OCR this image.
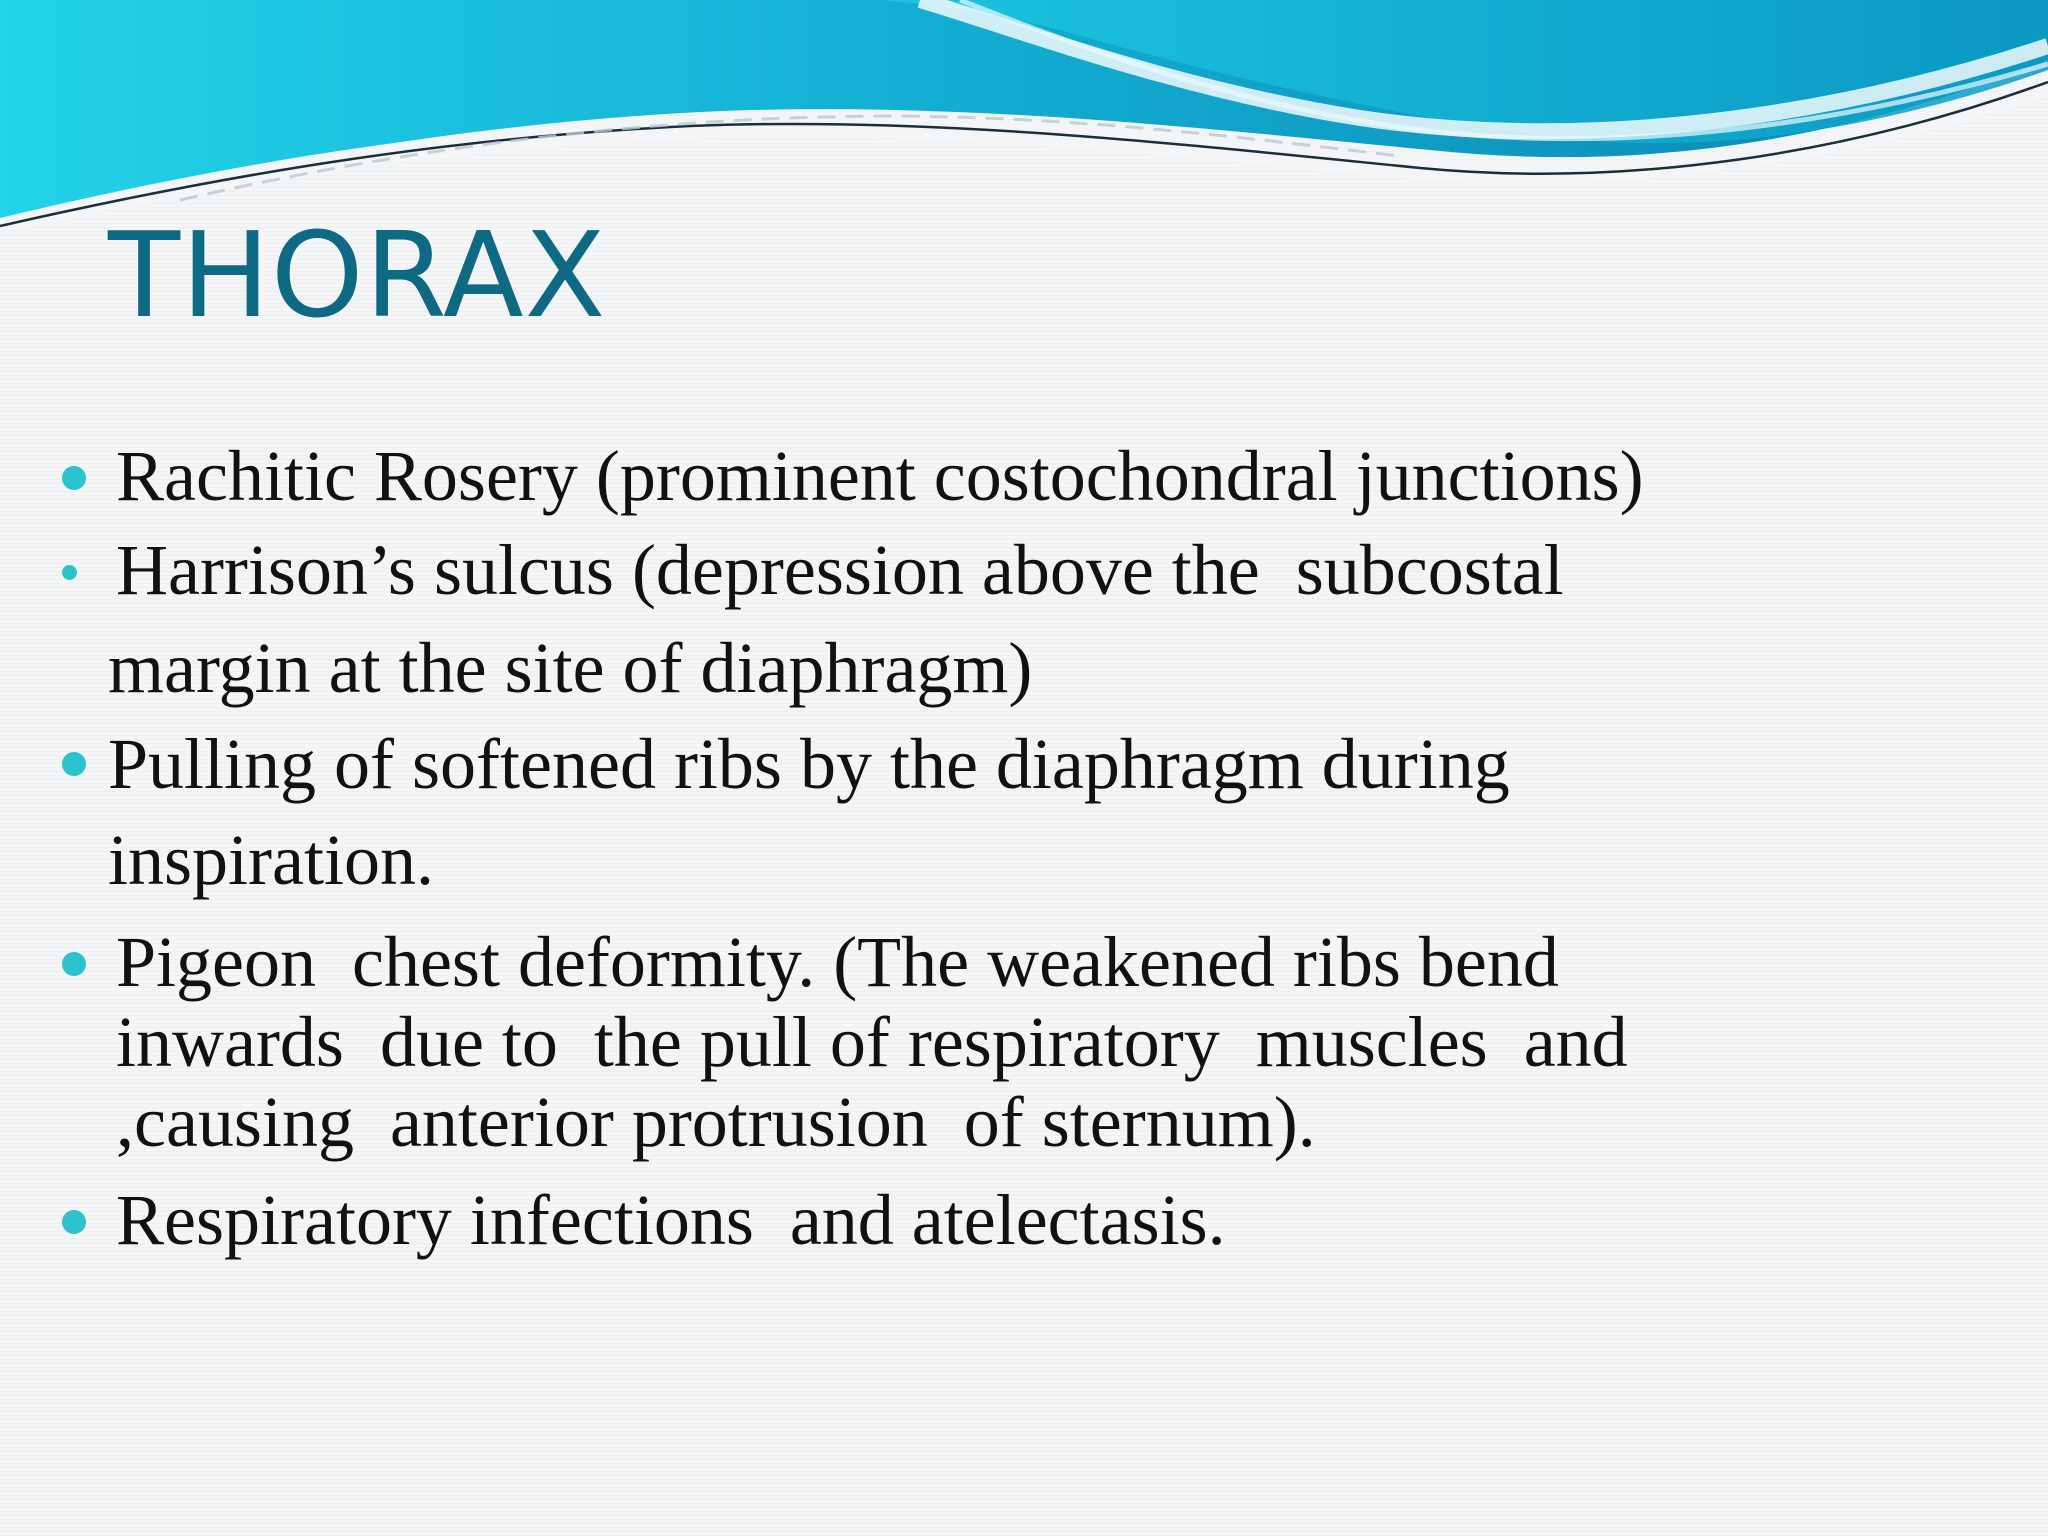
THORAX
Rachitic Rosery (prominent costochondral junctions)
Harrison’s sulcus (depression above the  subcostal
margin at the site of diaphragm)
Pulling of softened ribs by the diaphragm during
inspiration.
Pigeon  chest deformity. (The weakened ribs bend
inwards  due to  the pull of respiratory  muscles  and
,causing  anterior protrusion  of sternum).
Respiratory infections  and atelectasis.
